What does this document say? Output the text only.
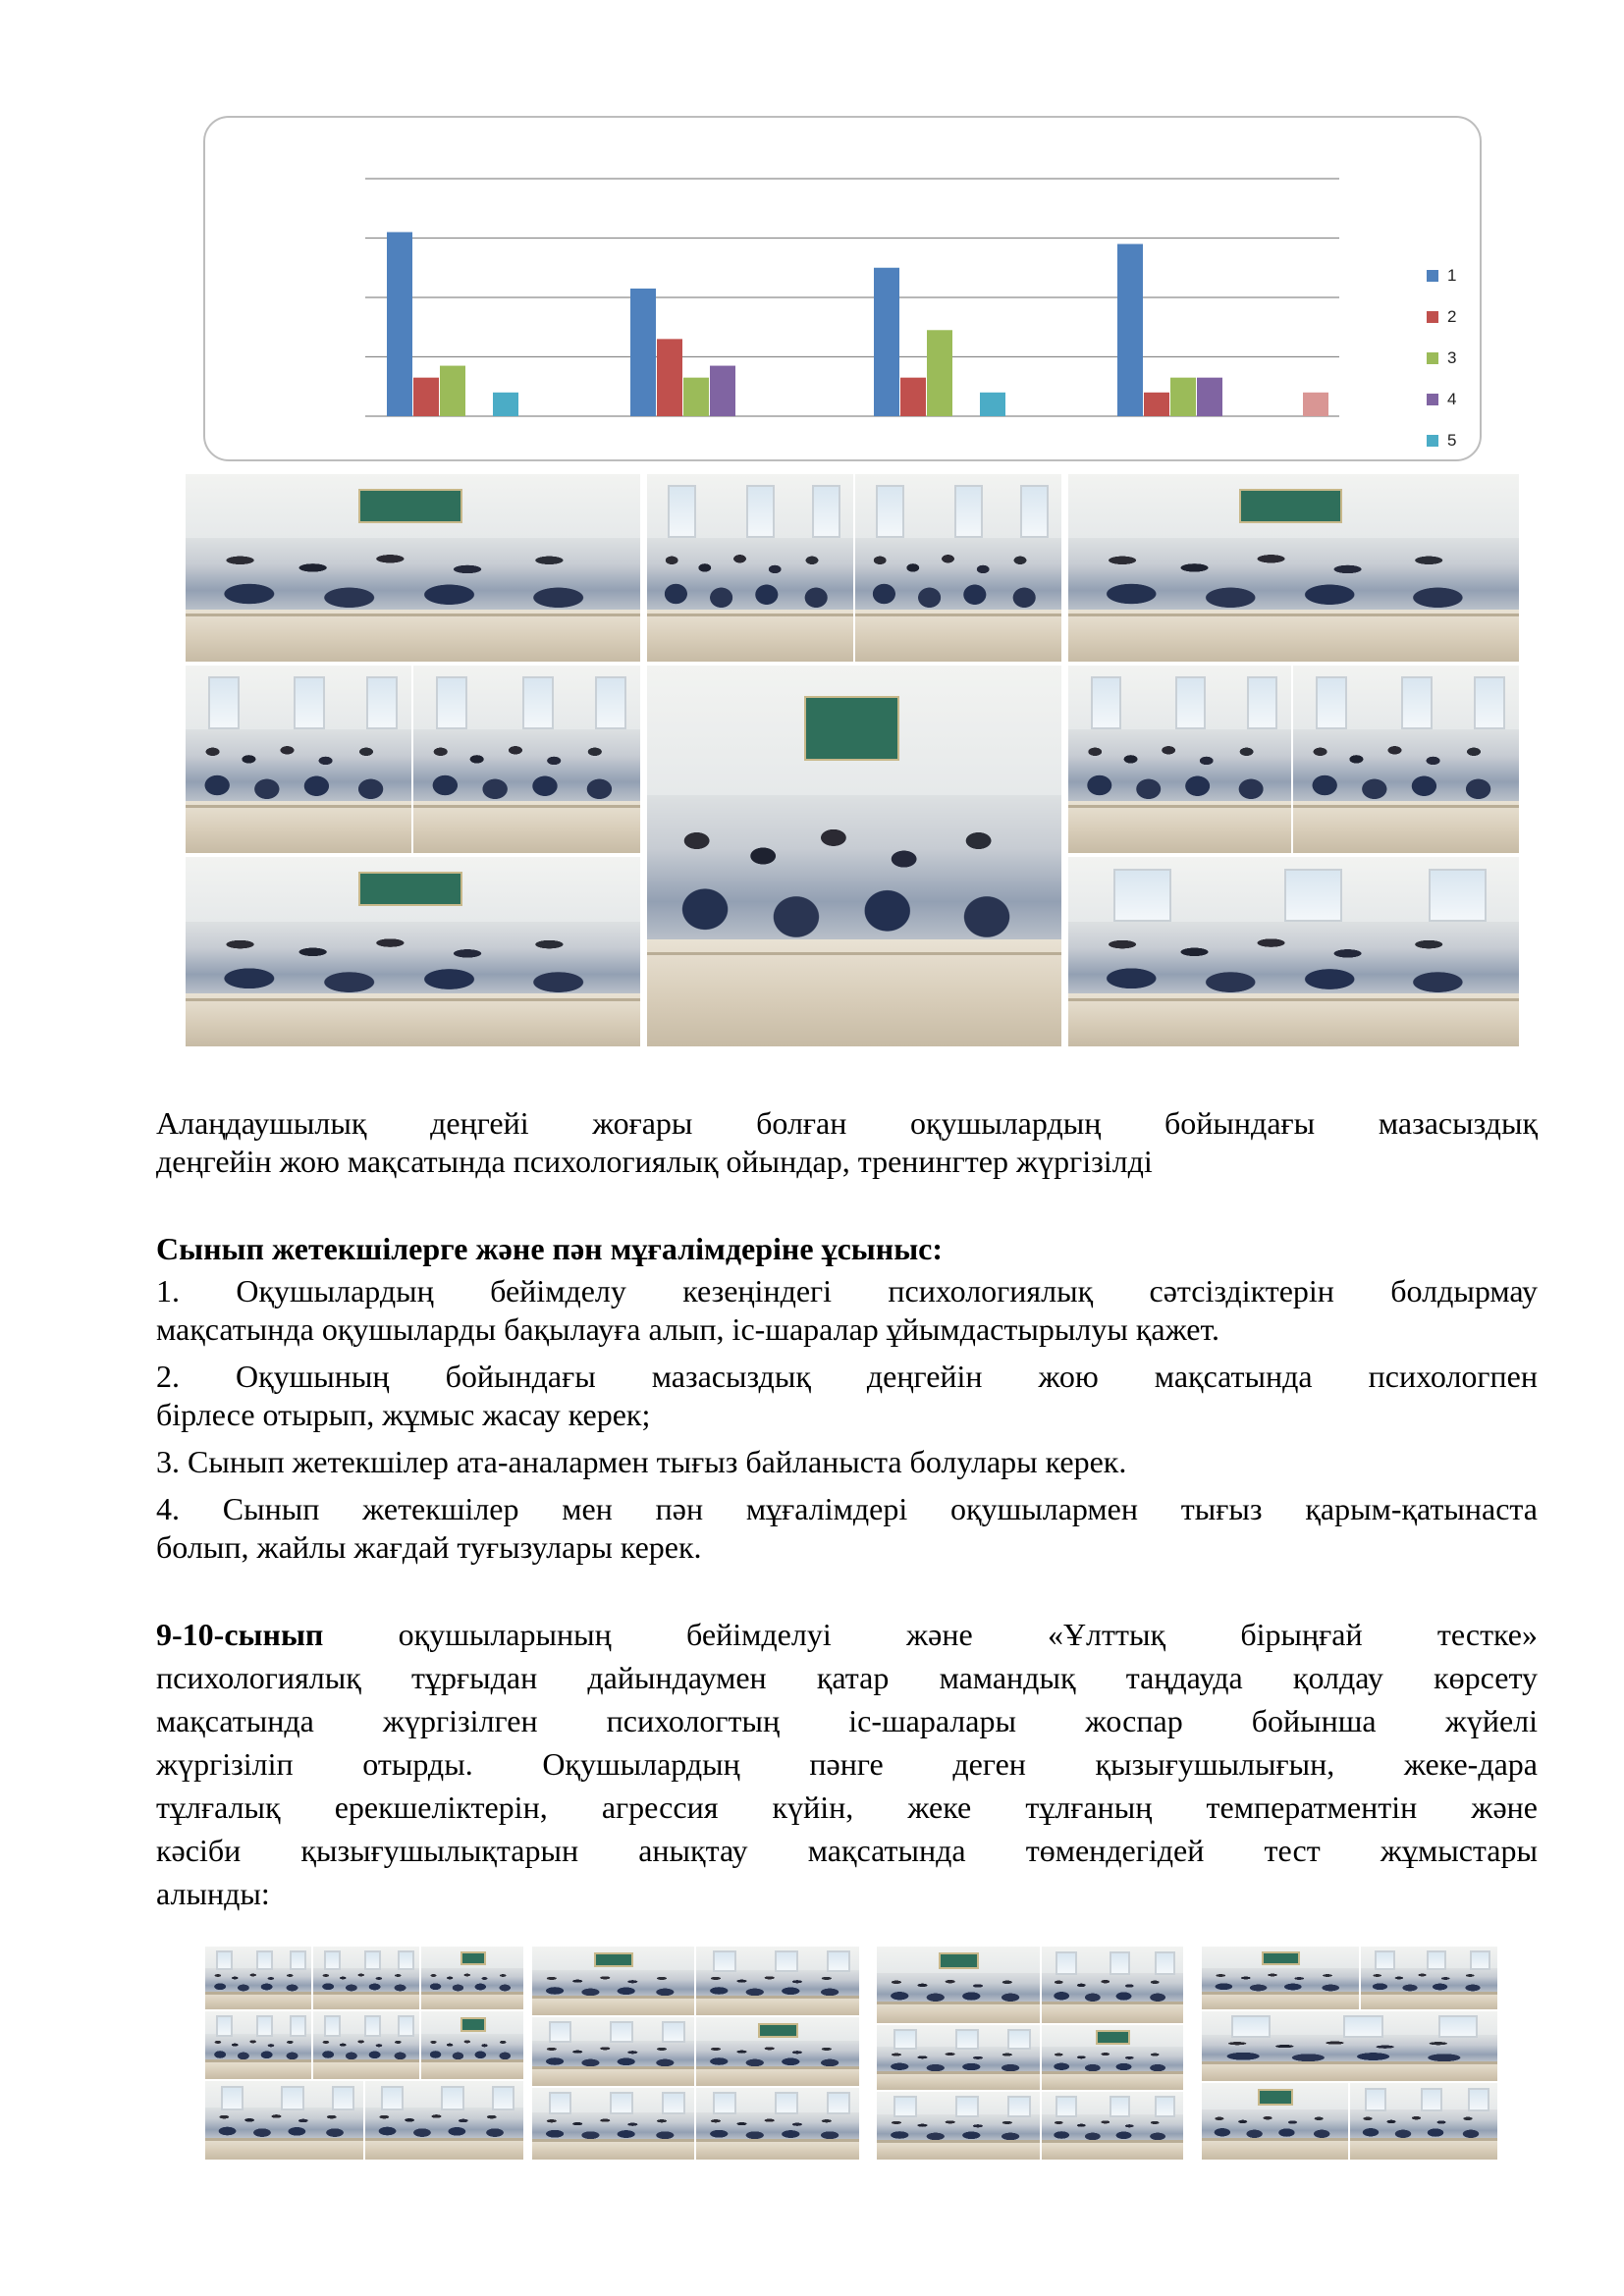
1
2
3
4
5

Алаңдаушылық деңгейі жоғары болған оқушылардың бойындағы мазасыздық

деңгейін жою мақсатында психологиялық ойындар, тренингтер жүргізілді

Сынып жетекшілерге және пән мұғалімдеріне ұсыныс:

1. Оқушылардың бейімделу кезеңіндегі психологиялық сәтсіздіктерін болдырмау

мақсатында оқушыларды бақылауға алып, іс-шаралар ұйымдастырылуы қажет.

2. Оқушының бойындағы мазасыздық деңгейін жою мақсатында психологпен

бірлесе отырып, жұмыс жасау керек;

3. Сынып жетекшілер ата-аналармен тығыз байланыста болулары керек.

4. Сынып жетекшілер мен пән мұғалімдері оқушылармен тығыз қарым-қатынаста

болып, жайлы жағдай туғызулары керек.

9-10-сынып оқушыларының бейімделуі және «Ұлттық бірыңғай тестке»

психологиялық тұрғыдан дайындаумен қатар мамандық таңдауда қолдау көрсету

мақсатында жүргізілген психологтың іс-шаралары жоспар бойынша жүйелі

жүргізіліп отырды. Оқушылардың пәнге деген қызығушылығын, жеке-дара

тұлғалық ерекшеліктерін, агрессия күйін, жеке тұлғаның температментін және

кәсіби қызығушылықтарын анықтау мақсатында төмендегідей тест жұмыстары

алынды:
